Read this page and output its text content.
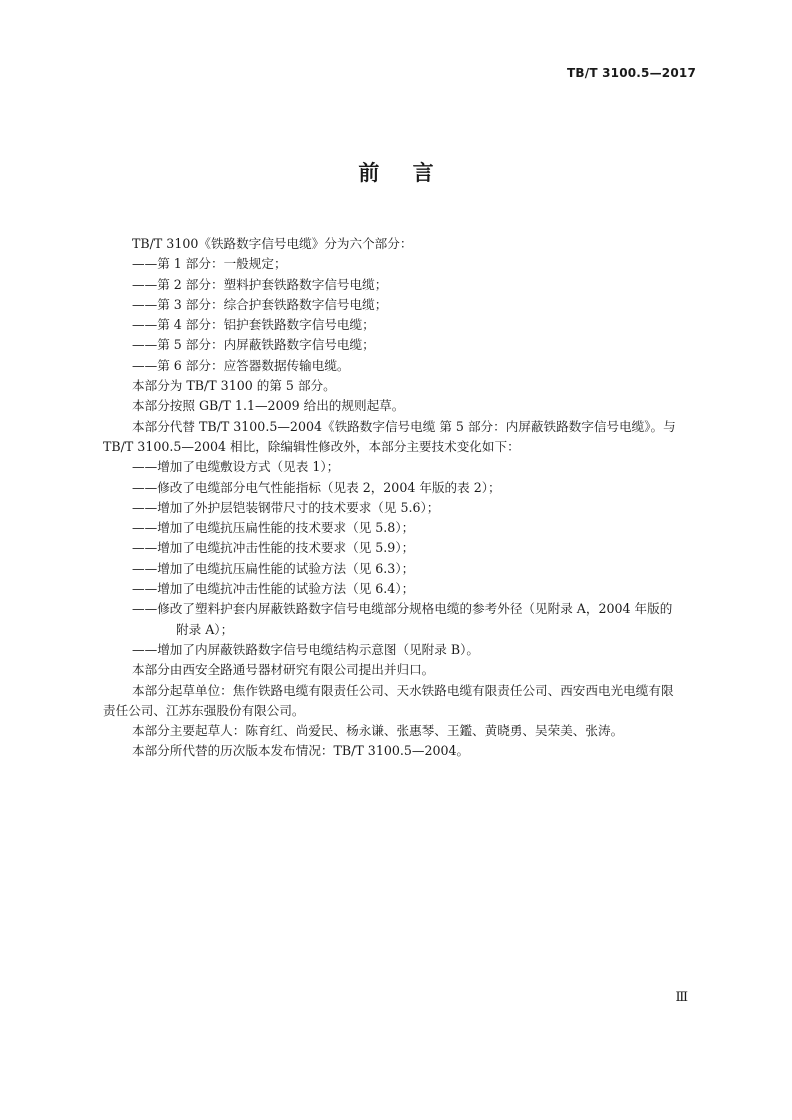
TB/T 3100.5—2017
前 言

TB/T 3100《铁路数字信号电缆》分为六个部分：

——第 1 部分：一般规定；

——第 2 部分：塑料护套铁路数字信号电缆；

——第 3 部分：综合护套铁路数字信号电缆；

——第 4 部分：铝护套铁路数字信号电缆；

——第 5 部分：内屏蔽铁路数字信号电缆；

——第 6 部分：应答器数据传输电缆。

本部分为 TB/T 3100 的第 5 部分。

本部分按照 GB/T 1.1—2009 给出的规则起草。

本部分代替 TB/T 3100.5—2004《铁路数字信号电缆 第 5 部分：内屏蔽铁路数字信号电缆》。与

TB/T 3100.5—2004 相比，除编辑性修改外，本部分主要技术变化如下：

——增加了电缆敷设方式（见表 1）；

——修改了电缆部分电气性能指标（见表 2，2004 年版的表 2）；

——增加了外护层铠装钢带尺寸的技术要求（见 5.6）；

——增加了电缆抗压扁性能的技术要求（见 5.8）；

——增加了电缆抗冲击性能的技术要求（见 5.9）；

——增加了电缆抗压扁性能的试验方法（见 6.3）；

——增加了电缆抗冲击性能的试验方法（见 6.4）；

——修改了塑料护套内屏蔽铁路数字信号电缆部分规格电缆的参考外径（见附录 A，2004 年版的

附录 A）；

——增加了内屏蔽铁路数字信号电缆结构示意图（见附录 B）。

本部分由西安全路通号器材研究有限公司提出并归口。

本部分起草单位：焦作铁路电缆有限责任公司、天水铁路电缆有限责任公司、西安西电光电缆有限

责任公司、江苏东强股份有限公司。

本部分主要起草人：陈育红、尚爱民、杨永谦、张惠琴、王鑑、黄晓勇、吴荣美、张涛。

本部分所代替的历次版本发布情况：TB/T 3100.5—2004。

Ⅲ
